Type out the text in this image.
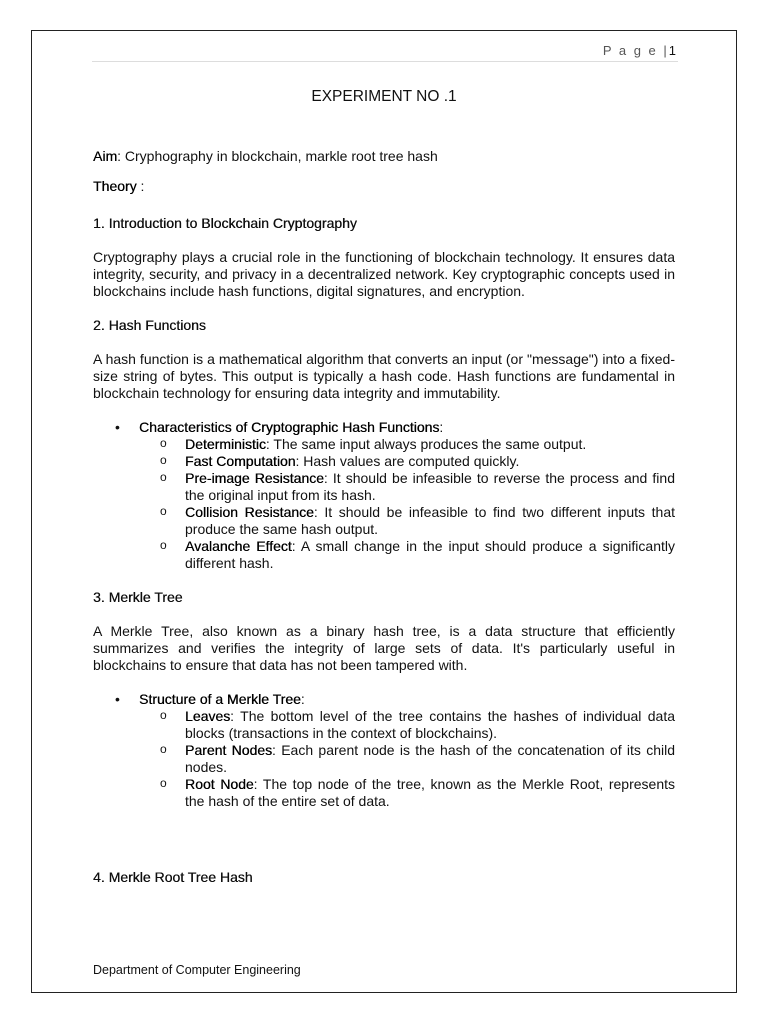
P a g e |1
EXPERIMENT NO .1
Aim: Cryphography in blockchain, markle root tree hash
Theory :
1. Introduction to Blockchain Cryptography

Cryptography plays a crucial role in the functioning of blockchain technology. It ensures data integrity, security, and privacy in a decentralized network. Key cryptographic concepts used in blockchains include hash functions, digital signatures, and encryption.

2. Hash Functions

A hash function is a mathematical algorithm that converts an input (or "message") into a fixed-size string of bytes. This output is typically a hash code. Hash functions are fundamental in blockchain technology for ensuring data integrity and immutability.

• Characteristics of Cryptographic Hash Functions:
o Deterministic: The same input always produces the same output.
o Fast Computation: Hash values are computed quickly.
o Pre-image Resistance: It should be infeasible to reverse the process and find the original input from its hash.
o Collision Resistance: It should be infeasible to find two different inputs that produce the same hash output.
o Avalanche Effect: A small change in the input should produce a significantly different hash.
3. Merkle Tree

A Merkle Tree, also known as a binary hash tree, is a data structure that efficiently summarizes and verifies the integrity of large sets of data. It's particularly useful in blockchains to ensure that data has not been tampered with.

• Structure of a Merkle Tree:
o Leaves: The bottom level of the tree contains the hashes of individual data blocks (transactions in the context of blockchains).
o Parent Nodes: Each parent node is the hash of the concatenation of its child nodes.
o Root Node: The top node of the tree, known as the Merkle Root, represents the hash of the entire set of data.
4. Merkle Root Tree Hash
Department of Computer Engineering
